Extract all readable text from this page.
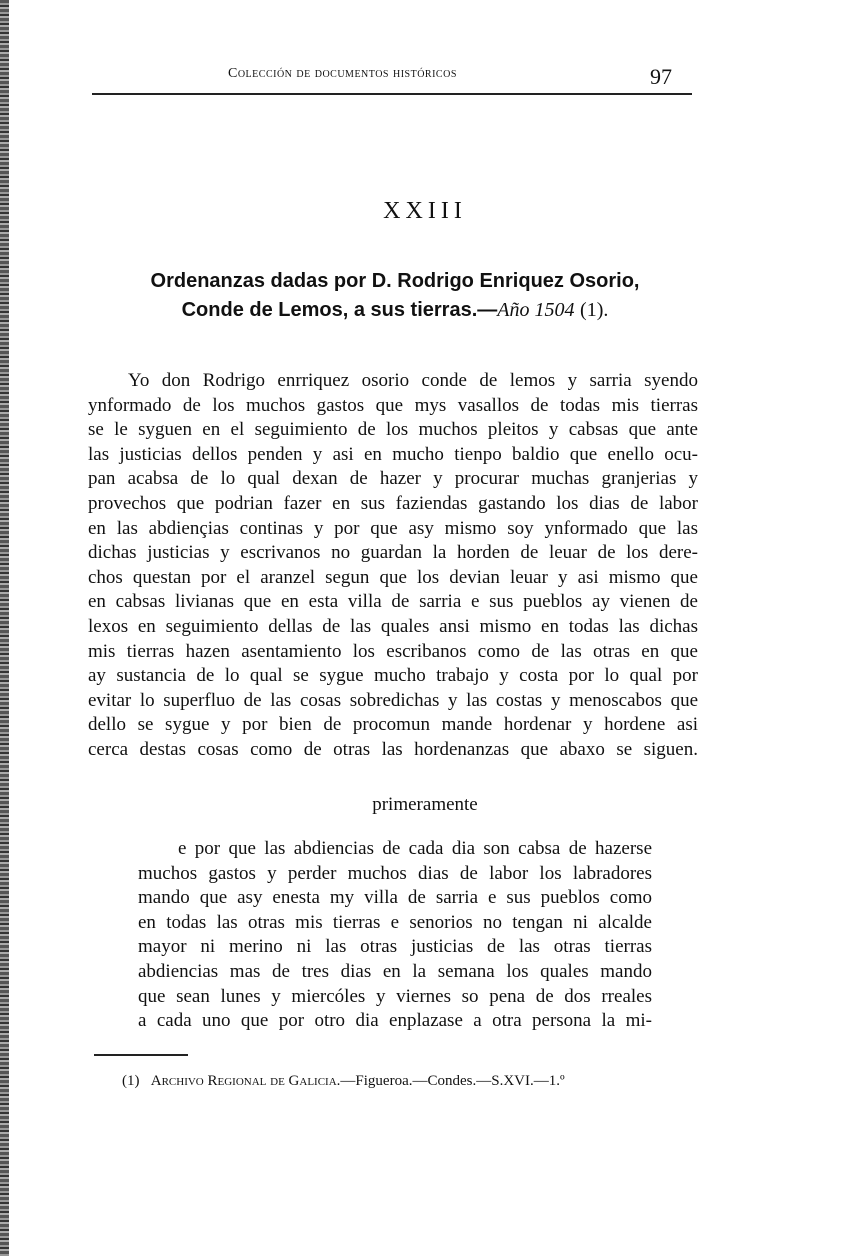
Colección de documentos históricos	97
XXIII
Ordenanzas dadas por D. Rodrigo Enriquez Osorio,
Conde de Lemos, a sus tierras.—Año 1504 (1).
Yo don Rodrigo enrriquez osorio conde de lemos y sarria syendo
ynformado de los muchos gastos que mys vasallos de todas mis tierras
se le syguen en el seguimiento de los muchos pleitos y cabsas que ante
las justicias dellos penden y asi en mucho tienpo baldio que enello ocu-
pan acabsa de lo qual dexan de hazer y procurar muchas granjerias y
provechos que podrian fazer en sus faziendas gastando los dias de labor
en las abdiençias continas y por que asy mismo soy ynformado que las
dichas justicias y escrivanos no guardan la horden de leuar de los dere-
chos questan por el aranzel segun que los devian leuar y asi mismo que
en cabsas livianas que en esta villa de sarria e sus pueblos ay vienen de
lexos en seguimiento dellas de las quales ansi mismo en todas las dichas
mis tierras hazen asentamiento los escribanos como de las otras en que
ay sustancia de lo qual se sygue mucho trabajo y costa por lo qual por
evitar lo superfluo de las cosas sobredichas y las costas y menoscabos que
dello se sygue y por bien de procomun mande hordenar y hordene asi
cerca destas cosas como de otras las hordenanzas que abaxo se siguen.
primeramente
e por que las abdiencias de cada dia son cabsa de hazerse
muchos gastos y perder muchos dias de labor los labradores
mando que asy enesta my villa de sarria e sus pueblos como
en todas las otras mis tierras e senorios no tengan ni alcalde
mayor ni merino ni las otras justicias de las otras tierras
abdiencias mas de tres dias en la semana los quales mando
que sean lunes y miercóles y viernes so pena de dos rreales
a cada uno que por otro dia enplazase a otra persona la mi-
(1) Archivo Regional de Galicia.—Figueroa.—Condes.—S.XVI.—1.º
